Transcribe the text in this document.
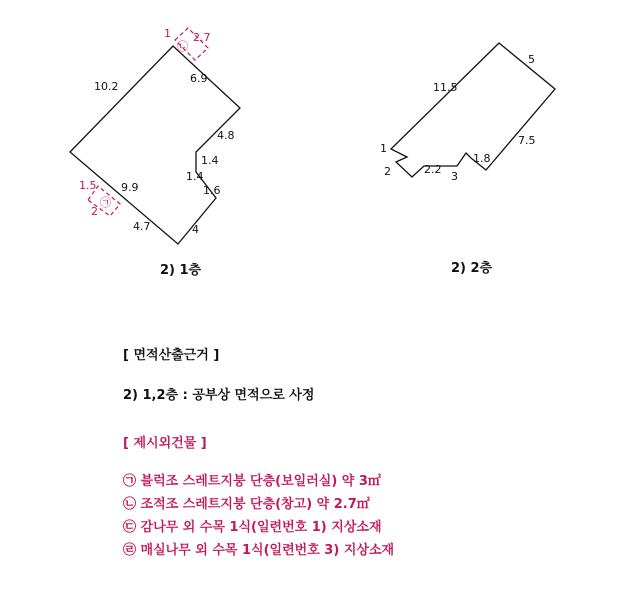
10.2
6.9
4.8
1.4
1.4
1.6
4
4.7
9.9
1
㉡
2.7
1.5
㉠
2
2) 1층
11.5
5
7.5
1.8
3
2.2
2
1
2) 2층
[ 면적산출근거 ]
2) 1,2층 : 공부상 면적으로 사정
[ 제시외건물 ]
㉠ 블럭조 스레트지붕 단층(보일러실) 약 3㎡
㉡ 조적조 스레트지붕 단층(창고) 약 2.7㎡
㉢ 감나무 외 수목 1식(일련번호 1) 지상소재
㉣ 매실나무 외 수목 1식(일련번호 3) 지상소재
